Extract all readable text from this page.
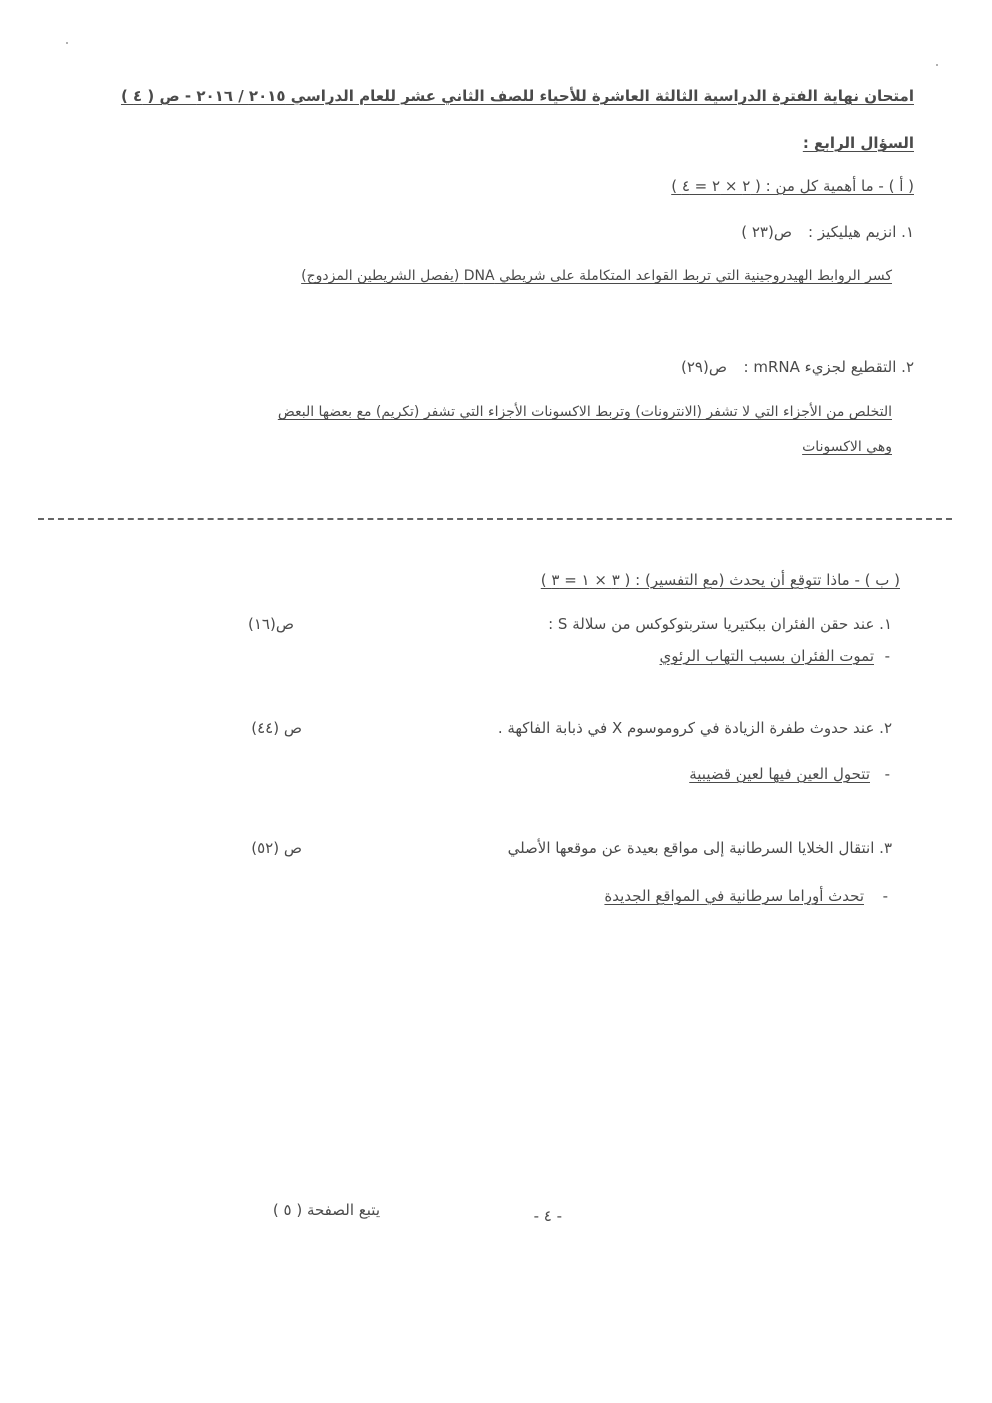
امتحان نهاية الفترة الدراسية الثالثة العاشرة للأحياء للصف الثاني عشر للعام الدراسي ٢٠١٥ / ٢٠١٦ - ص ( ٤ )
السؤال الرابع :
( أ ) - ما أهمية كل من : ( ٢ × ٢ = ٤ )
١. انزيم هيليكيز :
ص(٢٣ )
كسر الروابط الهيدروجينية التي تربط القواعد المتكاملة على شريطي DNA (يفصل الشريطين المزدوج)
٢. التقطيع لجزيء mRNA :
ص(٢٩)
التخلص من الأجزاء التي لا تشفر (الانترونات) وتربط الاكسونات الأجزاء التي تشفر (تكريم) مع بعضها البعض
وهي الاكسونات
( ب ) - ماذا تتوقع أن يحدث (مع التفسير) : ( ٣ × ١ = ٣ )
١. عند حقن الفئران ببكتيريا ستربتوكوكس من سلالة S :
ص(١٦)
-
تموت الفئران بسبب التهاب الرئوي
٢. عند حدوث طفرة الزيادة في كروموسوم X في ذبابة الفاكهة .
ص (٤٤)
-
تتحول العين فيها لعين قضيبية
٣. انتقال الخلايا السرطانية إلى مواقع بعيدة عن موقعها الأصلي
ص (٥٢)
-
تحدث أوراما سرطانية في المواقع الجديدة
- ٤ -
يتبع الصفحة ( ٥ )
